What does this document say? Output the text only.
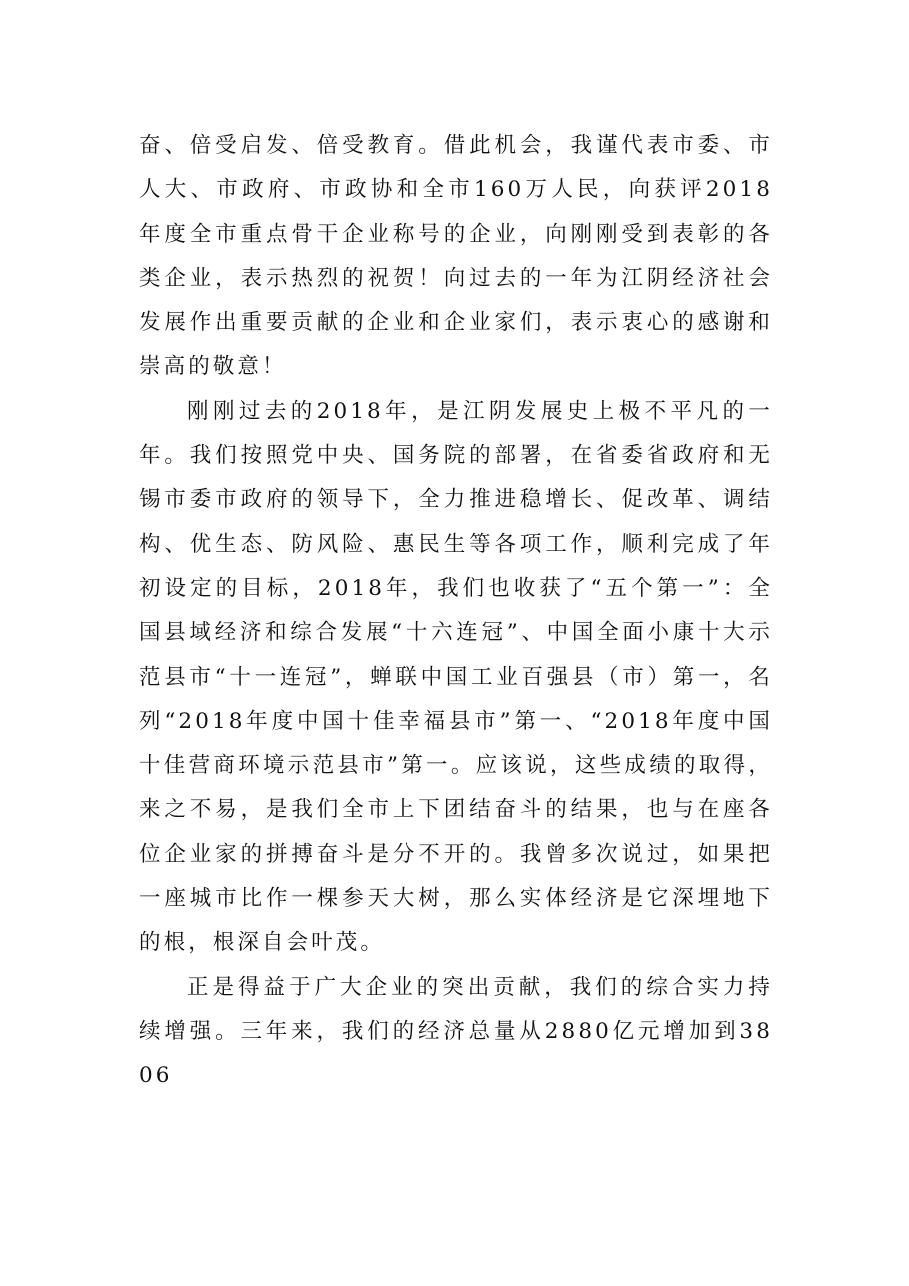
奋、倍受启发、倍受教育。借此机会，我谨代表市委、市人大、市政府、市政协和全市160万人民，向获评2018年度全市重点骨干企业称号的企业，向刚刚受到表彰的各类企业，表示热烈的祝贺！向过去的一年为江阴经济社会发展作出重要贡献的企业和企业家们，表示衷心的感谢和崇高的敬意！

刚刚过去的2018年，是江阴发展史上极不平凡的一年。我们按照党中央、国务院的部署，在省委省政府和无锡市委市政府的领导下，全力推进稳增长、促改革、调结构、优生态、防风险、惠民生等各项工作，顺利完成了年初设定的目标，2018年，我们也收获了“五个第一”：全国县域经济和综合发展“十六连冠”、中国全面小康十大示范县市“十一连冠”，蝉联中国工业百强县（市）第一，名列“2018年度中国十佳幸福县市”第一、“2018年度中国十佳营商环境示范县市”第一。应该说，这些成绩的取得，来之不易，是我们全市上下团结奋斗的结果，也与在座各位企业家的拼搏奋斗是分不开的。我曾多次说过，如果把一座城市比作一棵参天大树，那么实体经济是它深埋地下的根，根深自会叶茂。

正是得益于广大企业的突出贡献，我们的综合实力持续增强。三年来，我们的经济总量从2880亿元增加到3806
